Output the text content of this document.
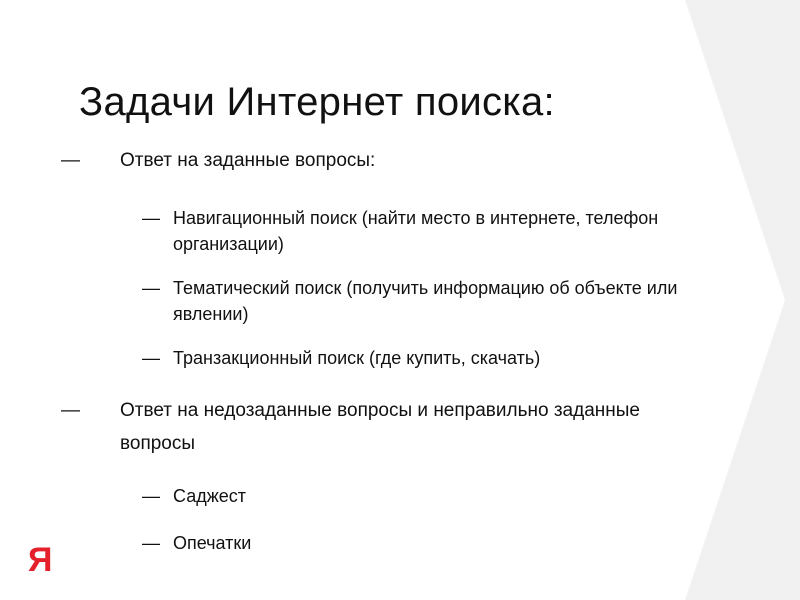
Задачи Интернет поиска:
—	Ответ на заданные вопросы:
— Навигационный поиск (найти место в интернете, телефон организации)
— Тематический поиск (получить информацию об объекте или явлении)
— Транзакционный поиск (где купить, скачать)
—	Ответ на недозаданные вопросы и неправильно заданные вопросы
— Саджест
— Опечатки
Я
